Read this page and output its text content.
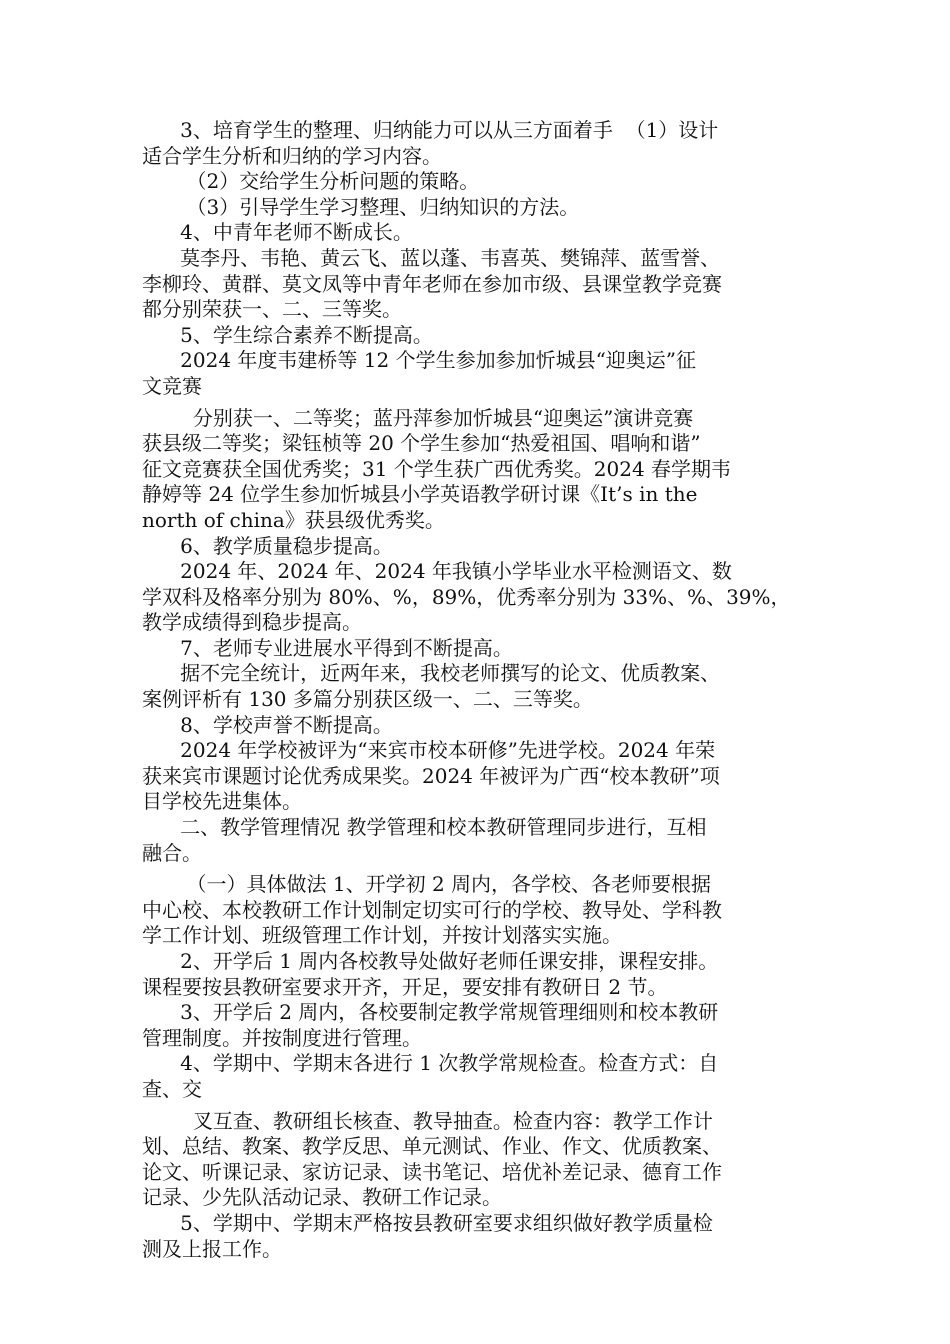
3、培育学生的整理、归纳能力可以从三方面着手  （1）设计
适合学生分析和归纳的学习内容。
（2）交给学生分析问题的策略。
（3）引导学生学习整理、归纳知识的方法。
4、中青年老师不断成长。
莫李丹、韦艳、黄云飞、蓝以蓬、韦喜英、樊锦萍、蓝雪誉、
李柳玲、黄群、莫文凤等中青年老师在参加市级、县课堂教学竞赛
都分别荣获一、二、三等奖。
5、学生综合素养不断提高。
2024 年度韦建桥等 12 个学生参加参加忻城县“迎奥运”征
文竞赛
分别获一、二等奖；蓝丹萍参加忻城县“迎奥运”演讲竞赛
获县级二等奖；梁钰桢等 20 个学生参加“热爱祖国、唱响和谐”
征文竞赛获全国优秀奖；31 个学生获广西优秀奖。2024 春学期韦
静婷等 24 位学生参加忻城县小学英语教学研讨课《It’s in the
north of china》获县级优秀奖。
6、教学质量稳步提高。
2024 年、2024 年、2024 年我镇小学毕业水平检测语文、数
学双科及格率分别为 80%、%，89%，优秀率分别为 33%、%、39%，
教学成绩得到稳步提高。
7、老师专业进展水平得到不断提高。
据不完全统计，近两年来，我校老师撰写的论文、优质教案、
案例评析有 130 多篇分别获区级一、二、三等奖。
8、学校声誉不断提高。
2024 年学校被评为“来宾市校本研修”先进学校。2024 年荣
获来宾市课题讨论优秀成果奖。2024 年被评为广西“校本教研”项
目学校先进集体。
二、教学管理情况 教学管理和校本教研管理同步进行，互相
融合。
（一）具体做法 1、开学初 2 周内，各学校、各老师要根据
中心校、本校教研工作计划制定切实可行的学校、教导处、学科教
学工作计划、班级管理工作计划，并按计划落实实施。
2、开学后 1 周内各校教导处做好老师任课安排，课程安排。
课程要按县教研室要求开齐，开足，要安排有教研日 2 节。
3、开学后 2 周内，各校要制定教学常规管理细则和校本教研
管理制度。并按制度进行管理。
4、学期中、学期末各进行 1 次教学常规检查。检查方式：自
查、交
叉互查、教研组长核查、教导抽查。检查内容：教学工作计
划、总结、教案、教学反思、单元测试、作业、作文、优质教案、
论文、听课记录、家访记录、读书笔记、培优补差记录、德育工作
记录、少先队活动记录、教研工作记录。
5、学期中、学期末严格按县教研室要求组织做好教学质量检
测及上报工作。
